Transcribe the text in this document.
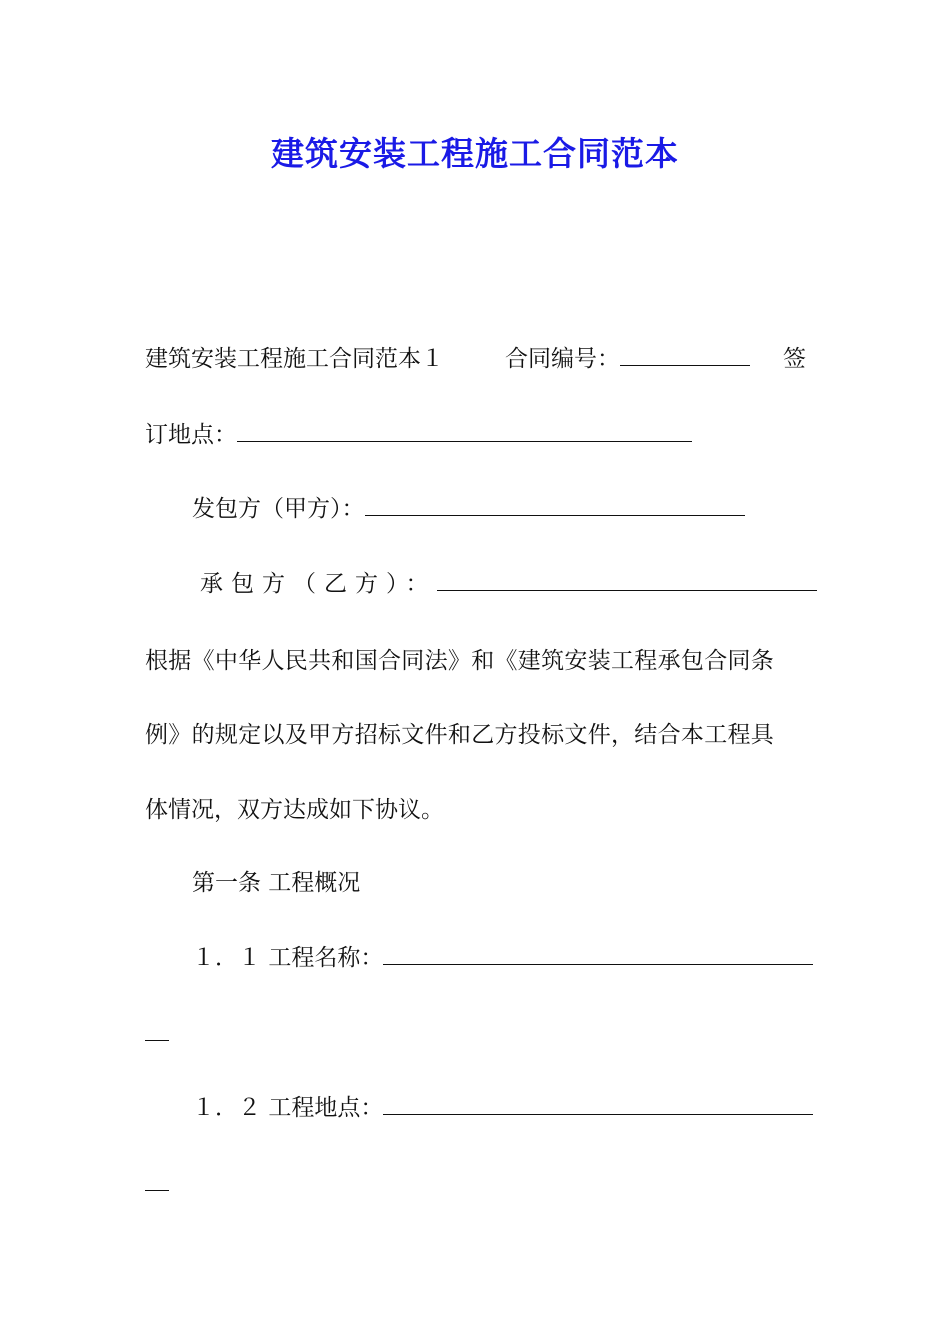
建筑安装工程施工合同范本
建筑安装工程施工合同范本１	合同编号：	签
订地点：
发包方（甲方）：
承包方（乙方）：
根据《中华人民共和国合同法》和《建筑安装工程承包合同条
例》的规定以及甲方招标文件和乙方投标文件，结合本工程具
体情况，双方达成如下协议。
第一条 工程概况
１．１ 工程名称：
１．２ 工程地点：
